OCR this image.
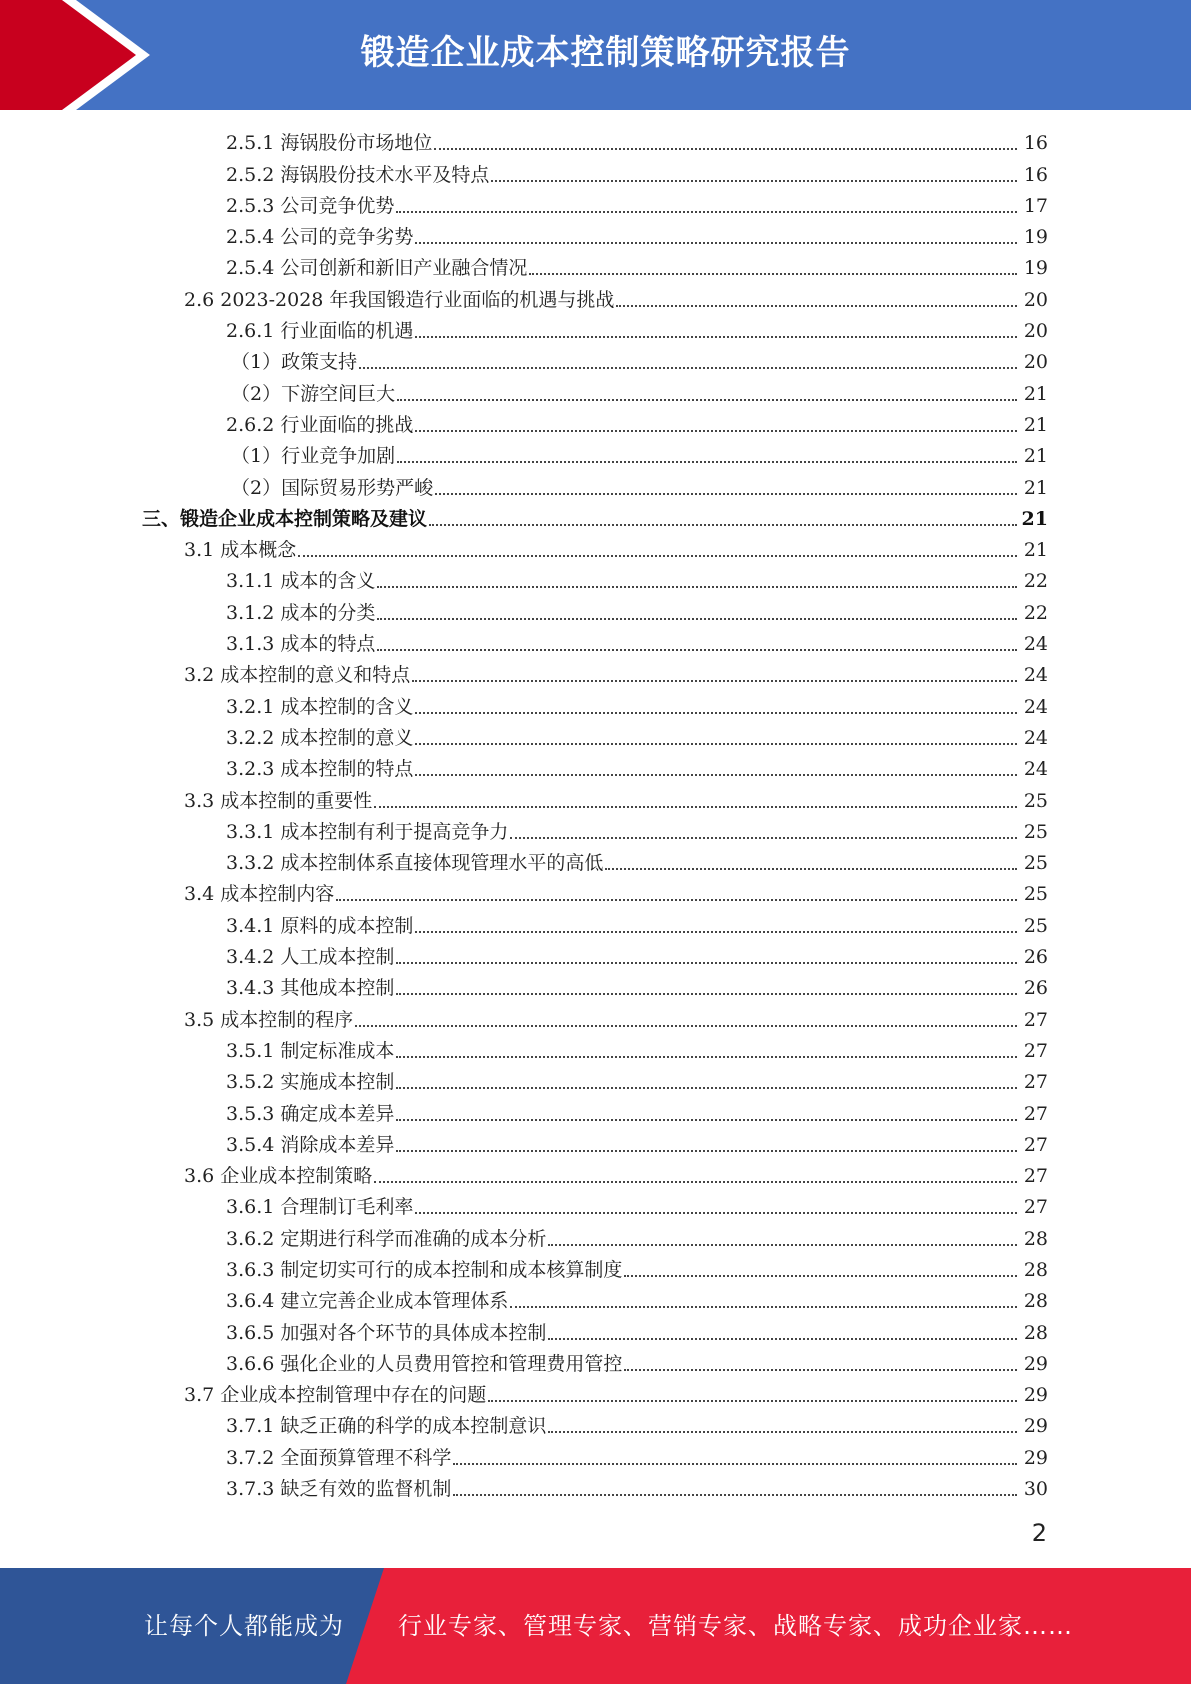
锻造企业成本控制策略研究报告
2.5.1 海锅股份市场地位	16
2.5.2 海锅股份技术水平及特点	16
2.5.3 公司竞争优势	17
2.5.4 公司的竞争劣势	19
2.5.4 公司创新和新旧产业融合情况	19
2.6 2023-2028 年我国锻造行业面临的机遇与挑战	20
2.6.1 行业面临的机遇	20
（1）政策支持	20
（2）下游空间巨大	21
2.6.2 行业面临的挑战	21
（1）行业竞争加剧	21
（2）国际贸易形势严峻	21
三、锻造企业成本控制策略及建议	21
3.1 成本概念	21
3.1.1 成本的含义	22
3.1.2 成本的分类	22
3.1.3 成本的特点	24
3.2 成本控制的意义和特点	24
3.2.1 成本控制的含义	24
3.2.2 成本控制的意义	24
3.2.3 成本控制的特点	24
3.3 成本控制的重要性	25
3.3.1 成本控制有利于提高竞争力	25
3.3.2 成本控制体系直接体现管理水平的高低	25
3.4 成本控制内容	25
3.4.1 原料的成本控制	25
3.4.2 人工成本控制	26
3.4.3 其他成本控制	26
3.5 成本控制的程序	27
3.5.1 制定标准成本	27
3.5.2 实施成本控制	27
3.5.3 确定成本差异	27
3.5.4 消除成本差异	27
3.6 企业成本控制策略	27
3.6.1 合理制订毛利率	27
3.6.2 定期进行科学而准确的成本分析	28
3.6.3 制定切实可行的成本控制和成本核算制度	28
3.6.4 建立完善企业成本管理体系	28
3.6.5 加强对各个环节的具体成本控制	28
3.6.6 强化企业的人员费用管控和管理费用管控	29
3.7 企业成本控制管理中存在的问题	29
3.7.1 缺乏正确的科学的成本控制意识	29
3.7.2 全面预算管理不科学	29
3.7.3 缺乏有效的监督机制	30
2
让每个人都能成为 行业专家、管理专家、营销专家、战略专家、成功企业家……
